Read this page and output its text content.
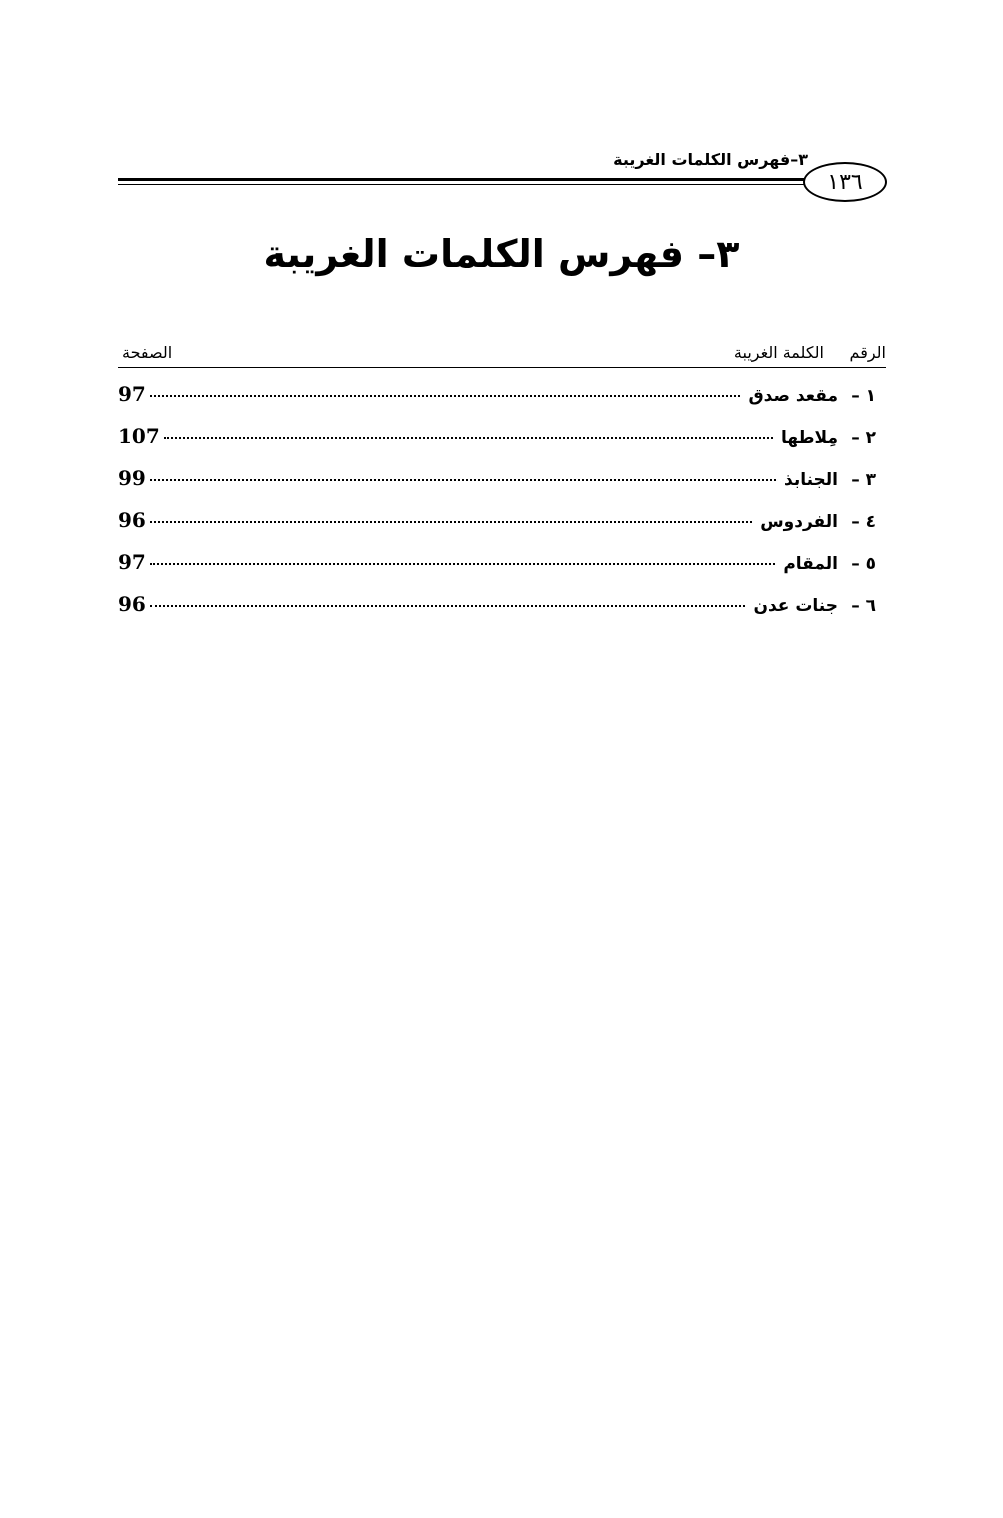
٣–فهرس الكلمات الغريبة
١٣٦
٣– فهرس الكلمات الغريبة
الرقم
الكلمة الغريبة
الصفحة
١ –
مقعد صدق
97
٢ –
مِلاطها
107
٣ –
الجنابذ
99
٤ –
الفردوس
96
٥ –
المقام
97
٦ –
جنات عدن
96
